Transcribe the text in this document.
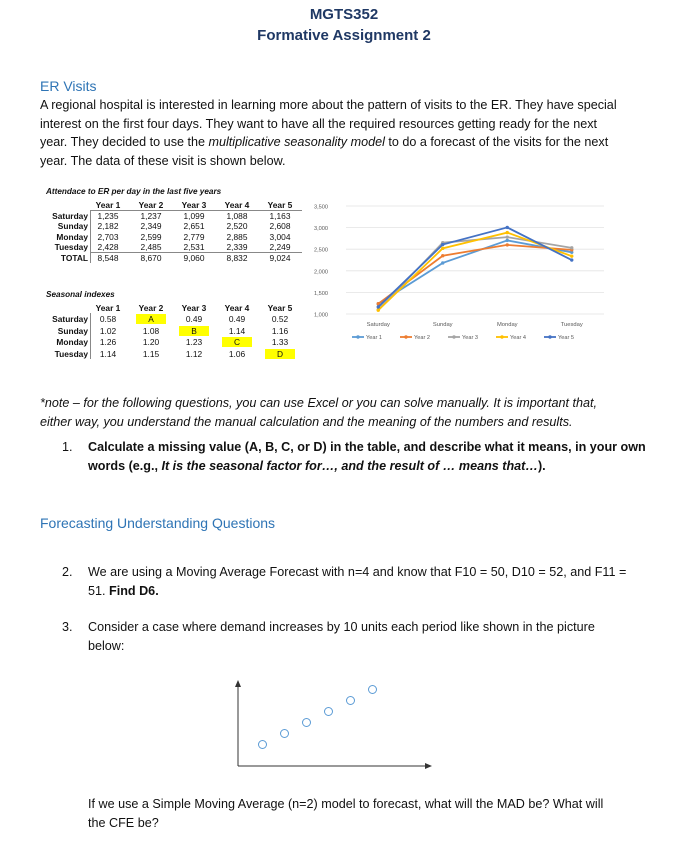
MGTS352
Formative Assignment 2
ER Visits
A regional hospital is interested in learning more about the pattern of visits to the ER. They have special
interest on the first four days. They want to have all the required resources getting ready for the next
year. They decided to use the multiplicative seasonality model to do a forecast of the visits for the next
year. The data of these visit is shown below.
Attendace to ER per day in the last five years
Year 1	Year 2	Year 3	Year 4	Year 5
Saturday	1,235	1,237	1,099	1,088	1,163
Sunday	2,182	2,349	2,651	2,520	2,608
Monday	2,703	2,599	2,779	2,885	3,004
Tuesday	2,428	2,485	2,531	2,339	2,249
TOTAL	8,548	8,670	9,060	8,832	9,024
Seasonal indexes
Year 1	Year 2	Year 3	Year 4	Year 5
Saturday	0.58	A	0.49	0.49	0.52
Sunday	1.02	1.08	B	1.14	1.16
Monday	1.26	1.20	1.23	C	1.33
Tuesday	1.14	1.15	1.12	1.06	D
3,500
3,000
2,500
2,000
1,500
1,000
Saturday	Sunday	Monday	Tuesday
Year 1	Year 2	Year 3	Year 4	Year 5
*note – for the following questions, you can use Excel or you can solve manually. It is important that,
either way, you understand the manual calculation and the meaning of the numbers and results.
1. Calculate a missing value (A, B, C, or D) in the table, and describe what it means, in your own
words (e.g., It is the seasonal factor for…, and the result of … means that…).
Forecasting Understanding Questions
2. We are using a Moving Average Forecast with n=4 and know that F10 = 50, D10 = 52, and F11 =
51. Find D6.
3. Consider a case where demand increases by 10 units each period like shown in the picture
below:
If we use a Simple Moving Average (n=2) model to forecast, what will the MAD be? What will
the CFE be?
